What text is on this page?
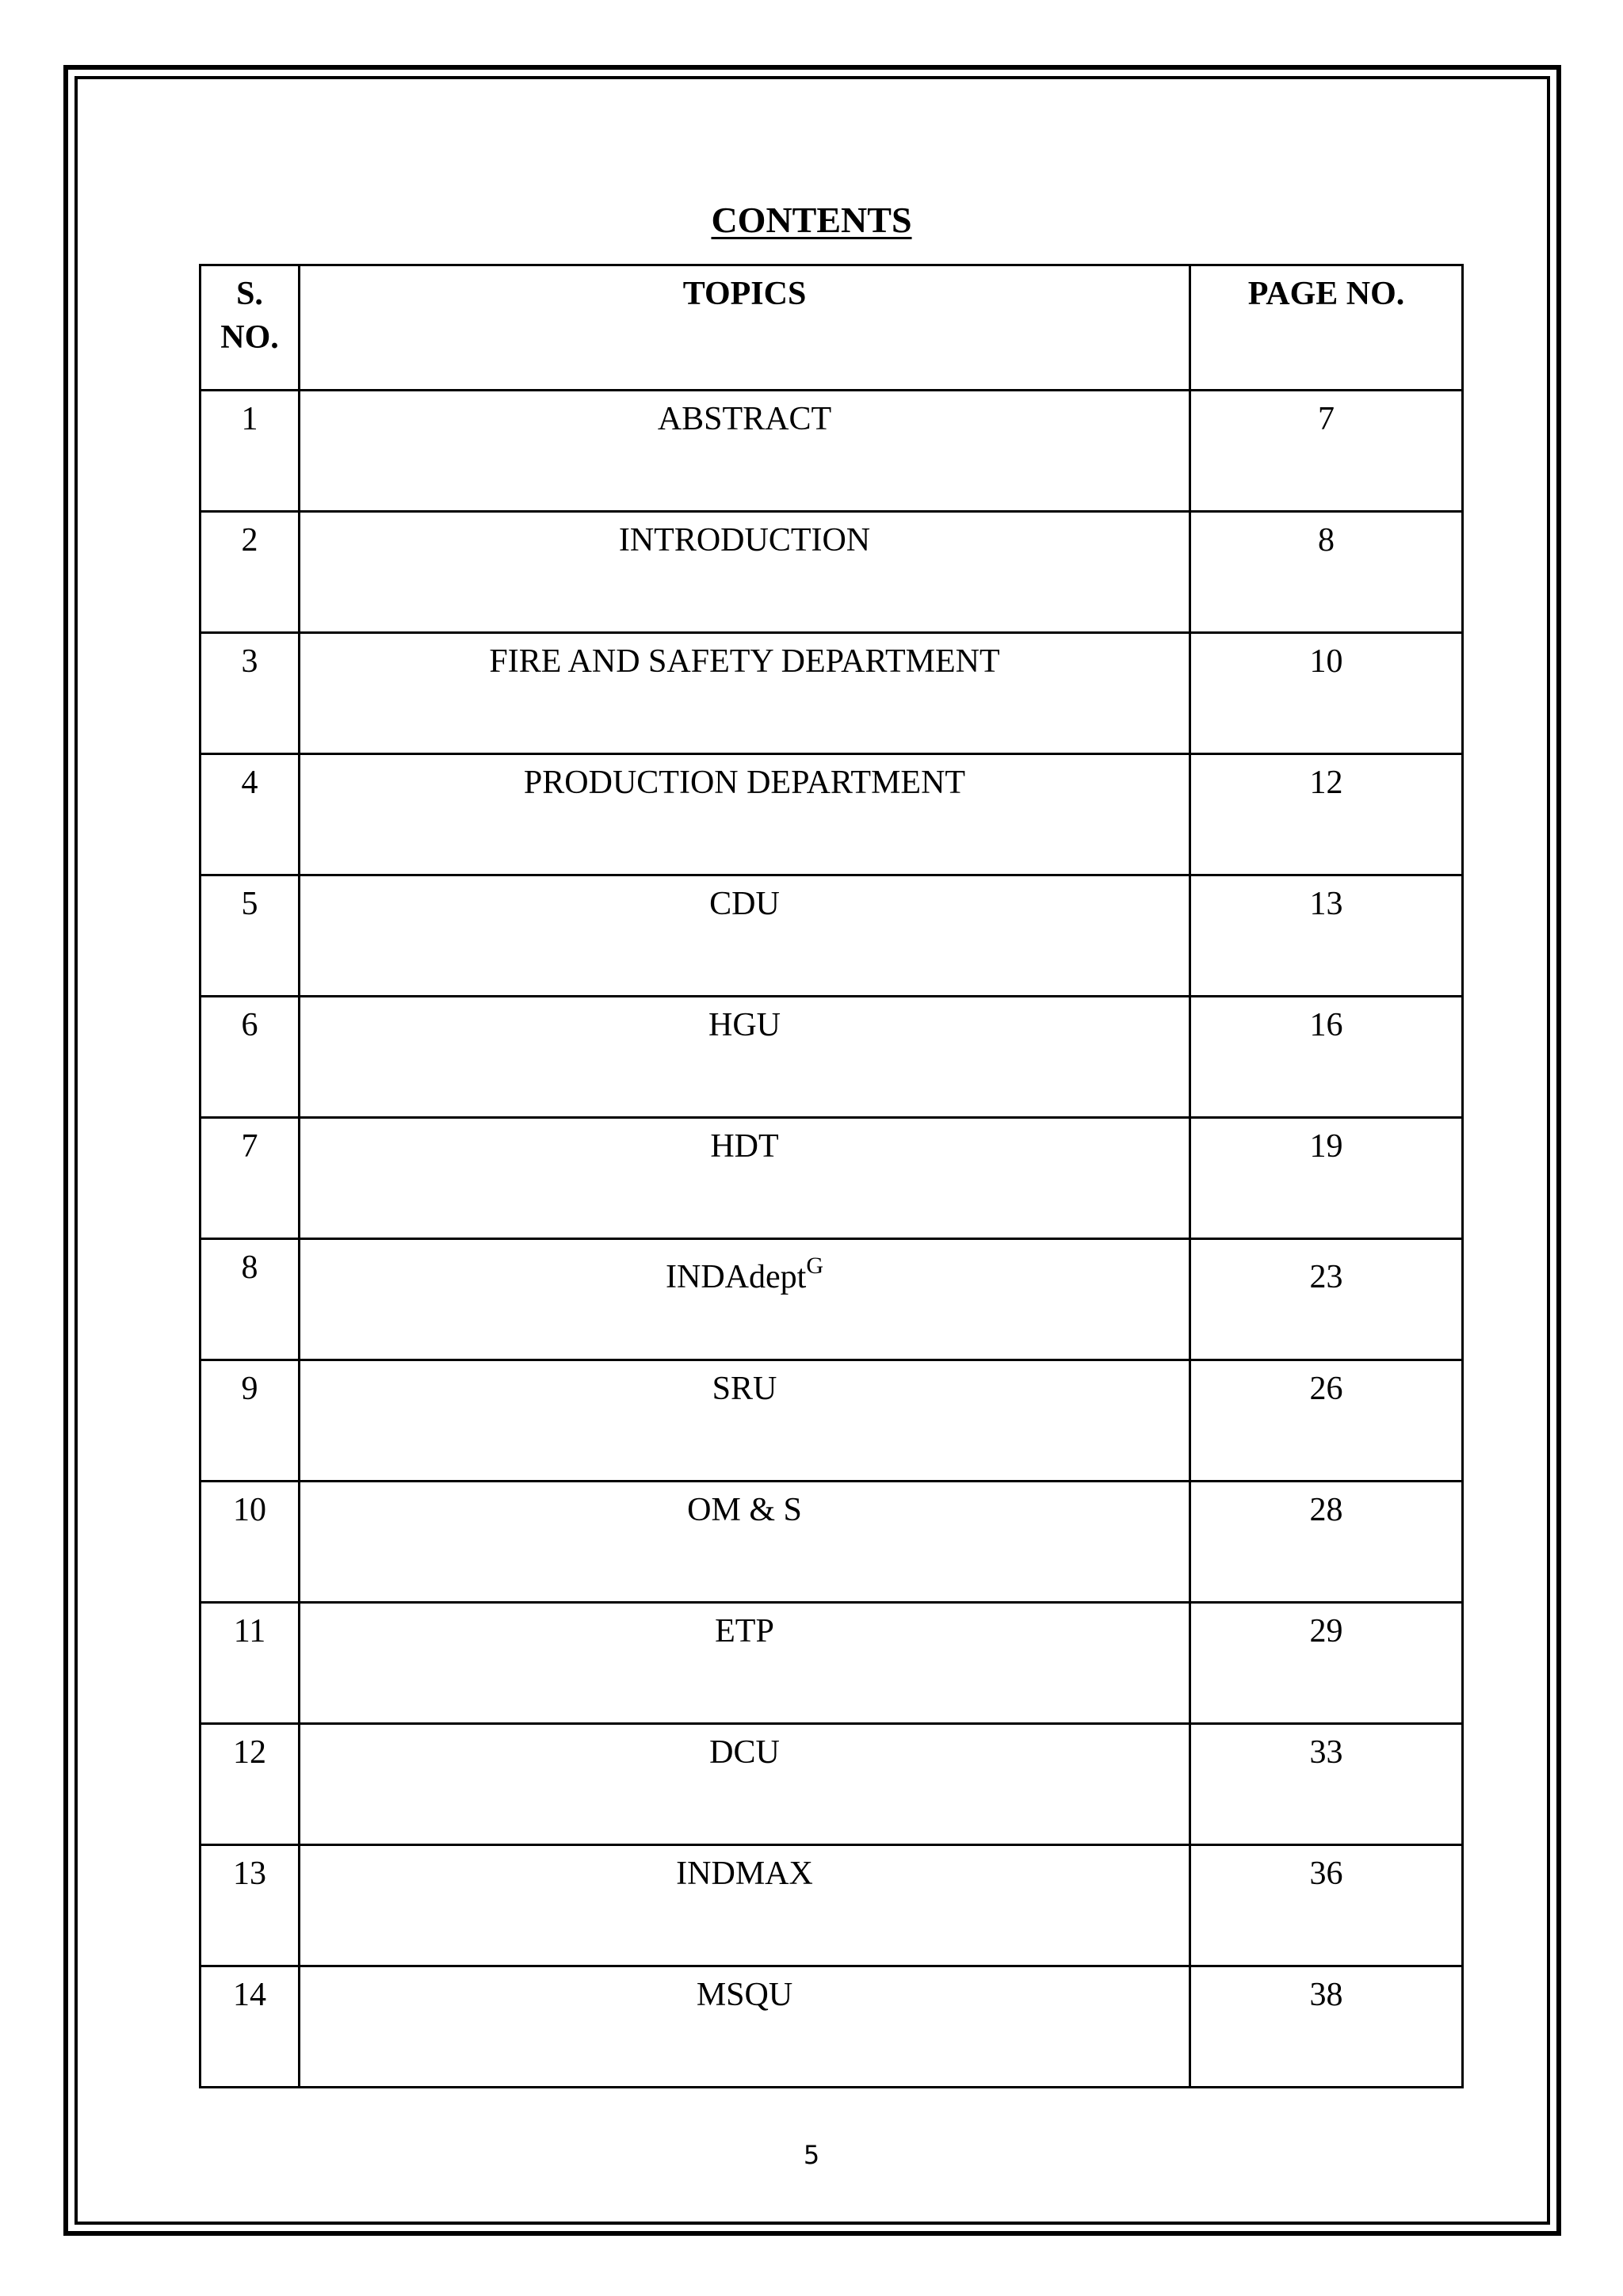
CONTENTS
S. NO.	TOPICS	PAGE NO.
1	ABSTRACT	7
2	INTRODUCTION	8
3	FIRE AND SAFETY DEPARTMENT	10
4	PRODUCTION DEPARTMENT	12
5	CDU	13
6	HGU	16
7	HDT	19
8	INDAdept$^G$	23
9	SRU	26
10	OM & S	28
11	ETP	29
12	DCU	33
13	INDMAX	36
14	MSQU	38
5
